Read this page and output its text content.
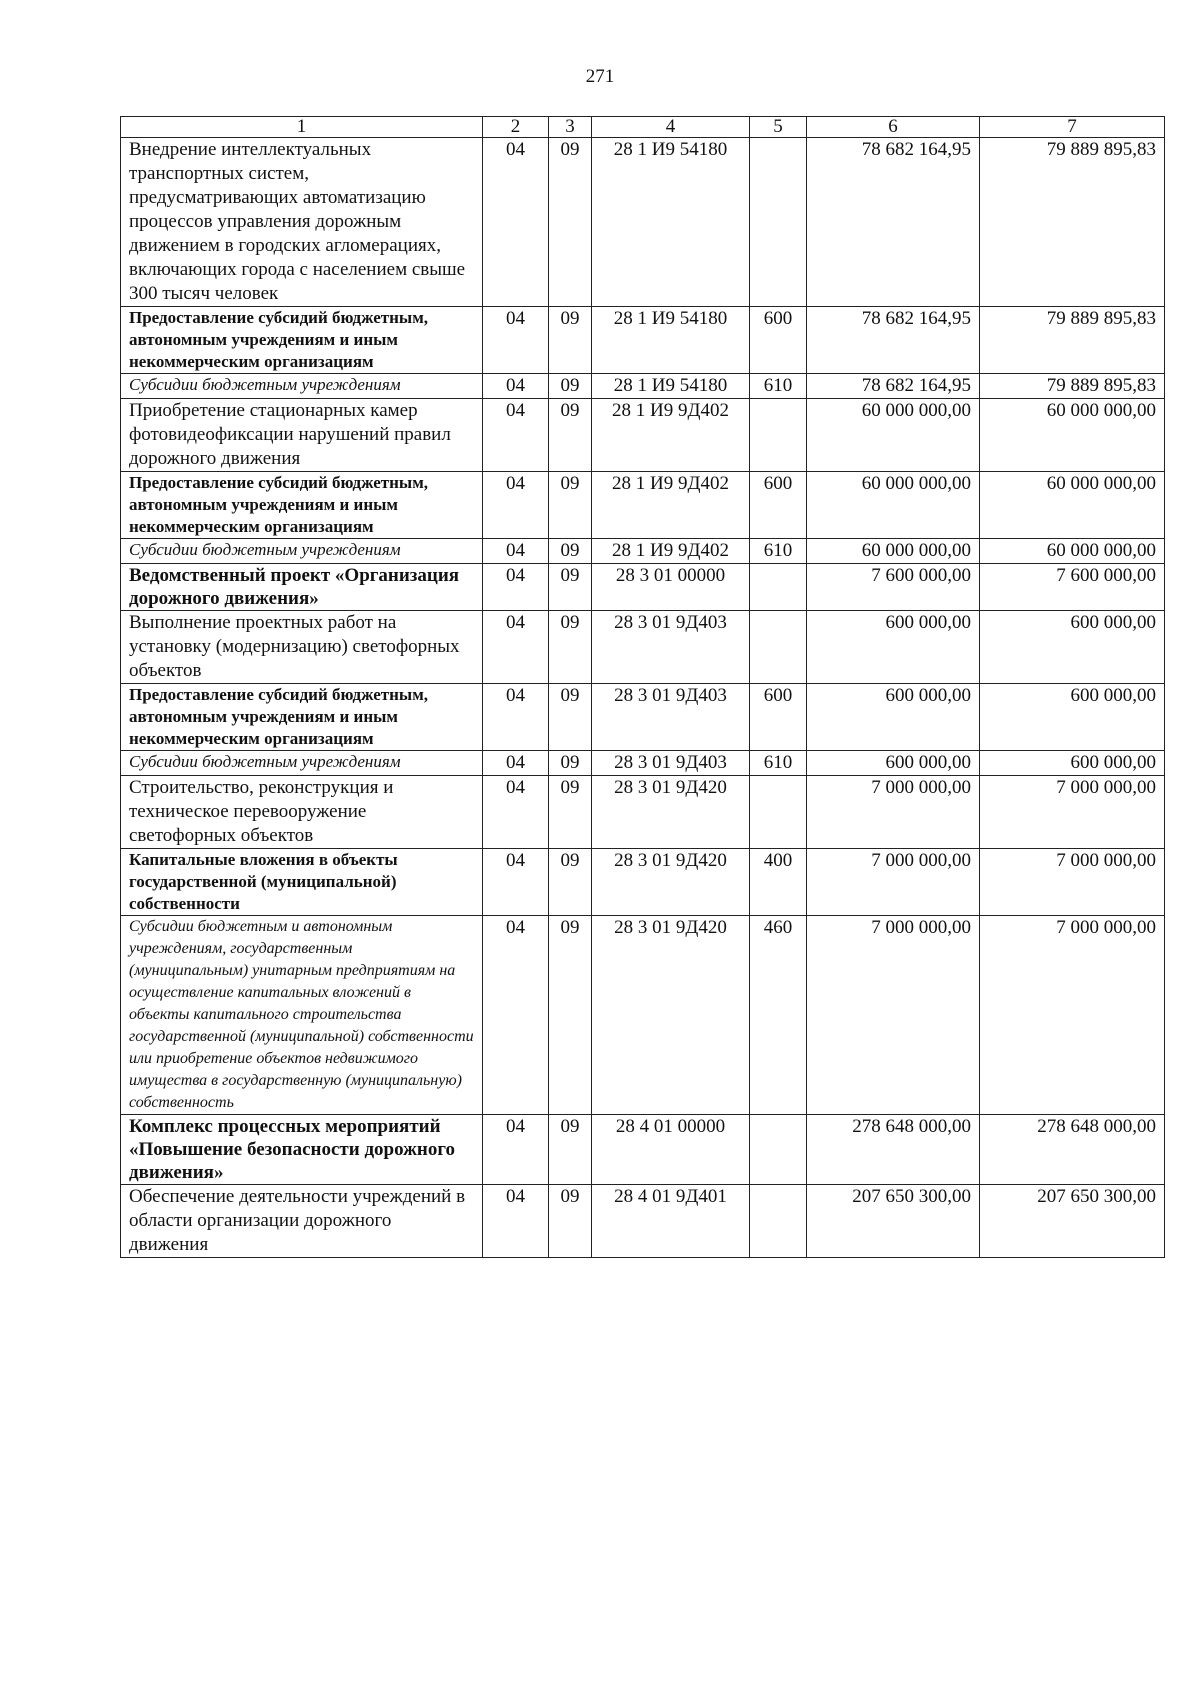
271
1	2	3	4	5	6	7
Внедрение интеллектуальных транспортных систем, предусматривающих автоматизацию процессов управления дорожным движением в городских агломерациях, включающих города с населением свыше 300 тысяч человек	04	09	28 1 И9 54180		78 682 164,95	79 889 895,83
Предоставление субсидий бюджетным, автономным учреждениям и иным некоммерческим организациям	04	09	28 1 И9 54180	600	78 682 164,95	79 889 895,83
Субсидии бюджетным учреждениям	04	09	28 1 И9 54180	610	78 682 164,95	79 889 895,83
Приобретение стационарных камер фотовидеофиксации нарушений правил дорожного движения	04	09	28 1 И9 9Д402		60 000 000,00	60 000 000,00
Предоставление субсидий бюджетным, автономным учреждениям и иным некоммерческим организациям	04	09	28 1 И9 9Д402	600	60 000 000,00	60 000 000,00
Субсидии бюджетным учреждениям	04	09	28 1 И9 9Д402	610	60 000 000,00	60 000 000,00
Ведомственный проект «Организация дорожного движения»	04	09	28 3 01 00000		7 600 000,00	7 600 000,00
Выполнение проектных работ на установку (модернизацию) светофорных объектов	04	09	28 3 01 9Д403		600 000,00	600 000,00
Предоставление субсидий бюджетным, автономным учреждениям и иным некоммерческим организациям	04	09	28 3 01 9Д403	600	600 000,00	600 000,00
Субсидии бюджетным учреждениям	04	09	28 3 01 9Д403	610	600 000,00	600 000,00
Строительство, реконструкция и техническое перевооружение светофорных объектов	04	09	28 3 01 9Д420		7 000 000,00	7 000 000,00
Капитальные вложения в объекты государственной (муниципальной) собственности	04	09	28 3 01 9Д420	400	7 000 000,00	7 000 000,00
Субсидии бюджетным и автономным учреждениям, государственным (муниципальным) унитарным предприятиям на осуществление капитальных вложений в объекты капитального строительства государственной (муниципальной) собственности или приобретение объектов недвижимого имущества в государственную (муниципальную) собственность	04	09	28 3 01 9Д420	460	7 000 000,00	7 000 000,00
Комплекс процессных мероприятий «Повышение безопасности дорожного движения»	04	09	28 4 01 00000		278 648 000,00	278 648 000,00
Обеспечение деятельности учреждений в области организации дорожного движения	04	09	28 4 01 9Д401		207 650 300,00	207 650 300,00
